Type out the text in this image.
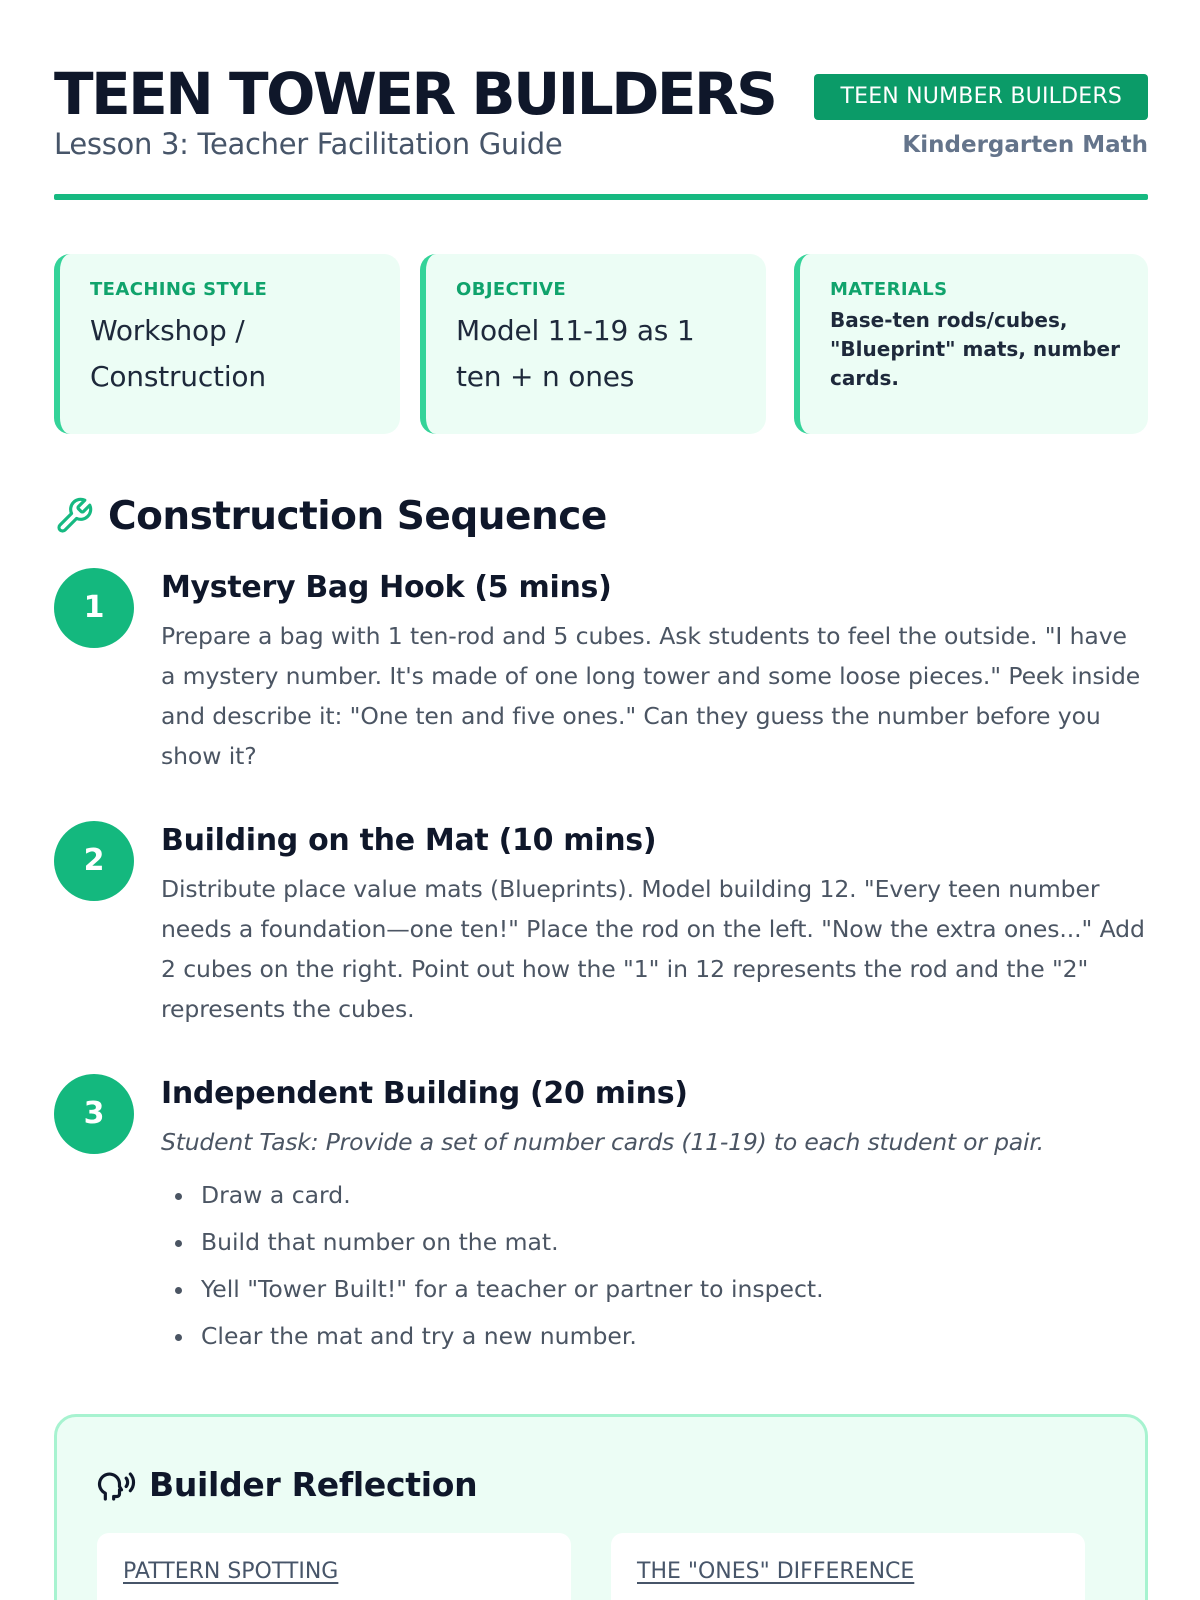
TEEN TOWER BUILDERS
Lesson 3: Teacher Facilitation Guide
TEEN NUMBER BUILDERS
Kindergarten Math
TEACHING STYLE
Workshop /
Construction
OBJECTIVE
Model 11-19 as 1
ten + n ones
MATERIALS
Base-ten rods/cubes, "Blueprint" mats, number cards.
Construction Sequence
1
Mystery Bag Hook (5 mins)

Prepare a bag with 1 ten-rod and 5 cubes. Ask students to feel the outside. "I have a mystery number. It's made of one long tower and some loose pieces." Peek inside and describe it: "One ten and five ones." Can they guess the number before you show it?

2
Building on the Mat (10 mins)

Distribute place value mats (Blueprints). Model building 12. "Every teen number needs a foundation—one ten!" Place the rod on the left. "Now the extra ones..." Add 2 cubes on the right. Point out how the "1" in 12 represents the rod and the "2" represents the cubes.

3
Independent Building (20 mins)

Student Task: Provide a set of number cards (11-19) to each student or pair.

Draw a card.
Build that number on the mat.
Yell "Tower Built!" for a teacher or partner to inspect.
Clear the mat and try a new number.
Builder Reflection
PATTERN SPOTTING	THE "ONES" DIFFERENCE
